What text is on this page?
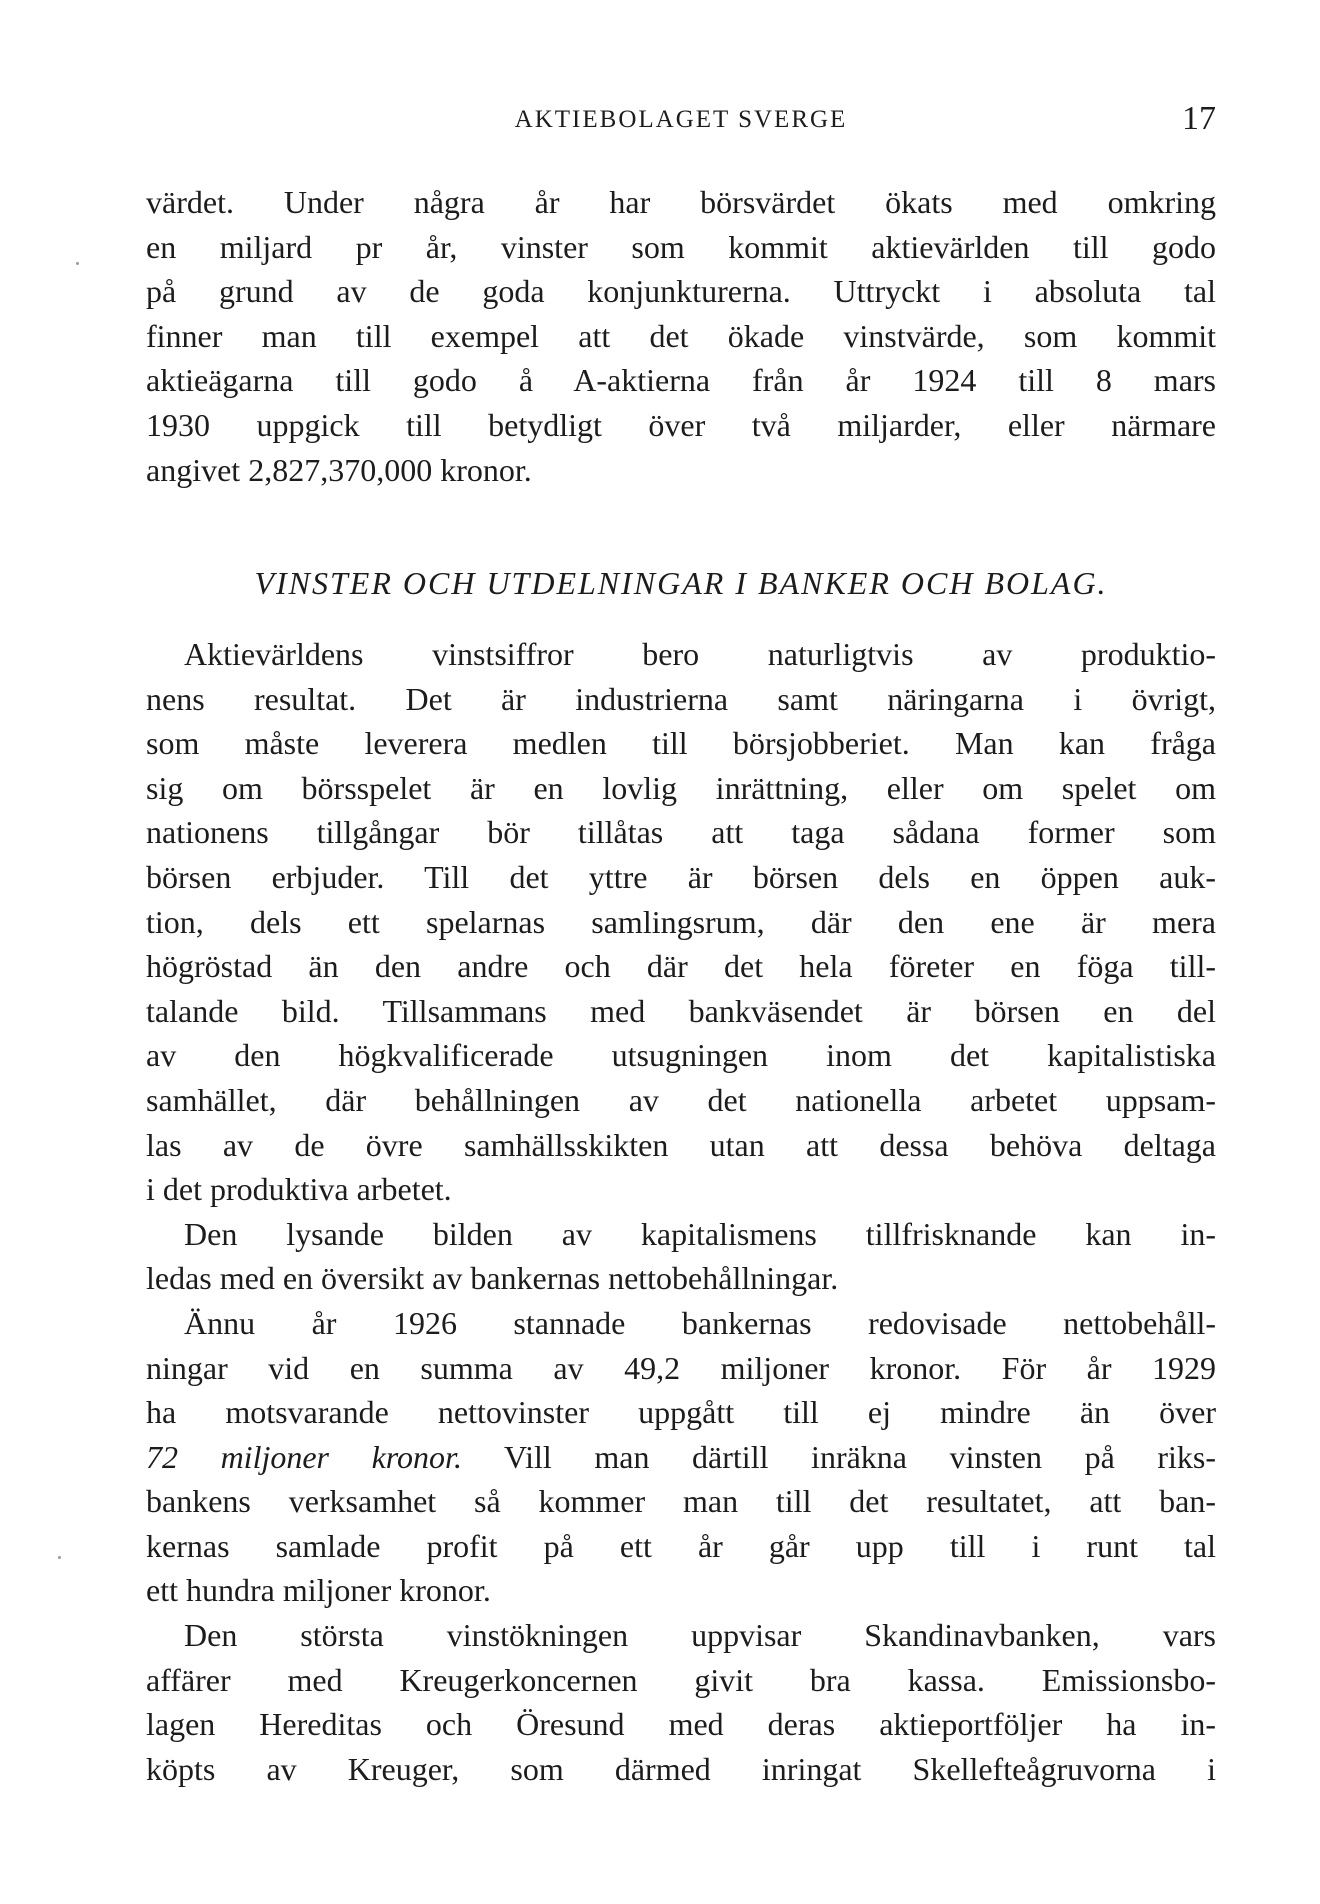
AKTIEBOLAGET SVERGE	17
värdet. Under några år har börsvärdet ökats med omkring
en miljard pr år, vinster som kommit aktievärlden till godo
på grund av de goda konjunkturerna. Uttryckt i absoluta tal
finner man till exempel att det ökade vinstvärde, som kommit
aktieägarna till godo å A-aktierna från år 1924 till 8 mars
1930 uppgick till betydligt över två miljarder, eller närmare
angivet 2,827,370,000 kronor.
VINSTER OCH UTDELNINGAR I BANKER OCH BOLAG.
Aktievärldens vinstsiffror bero naturligtvis av produktio-
nens resultat. Det är industrierna samt näringarna i övrigt,
som måste leverera medlen till börsjobberiet. Man kan fråga
sig om börsspelet är en lovlig inrättning, eller om spelet om
nationens tillgångar bör tillåtas att taga sådana former som
börsen erbjuder. Till det yttre är börsen dels en öppen auk-
tion, dels ett spelarnas samlingsrum, där den ene är mera
högröstad än den andre och där det hela företer en föga till-
talande bild. Tillsammans med bankväsendet är börsen en del
av den högkvalificerade utsugningen inom det kapitalistiska
samhället, där behållningen av det nationella arbetet uppsam-
las av de övre samhällsskikten utan att dessa behöva deltaga
i det produktiva arbetet.
Den lysande bilden av kapitalismens tillfrisknande kan in-
ledas med en översikt av bankernas nettobehållningar.
Ännu år 1926 stannade bankernas redovisade nettobehåll-
ningar vid en summa av 49,2 miljoner kronor. För år 1929
ha motsvarande nettovinster uppgått till ej mindre än över
72 miljoner kronor. Vill man därtill inräkna vinsten på riks-
bankens verksamhet så kommer man till det resultatet, att ban-
kernas samlade profit på ett år går upp till i runt tal
ett hundra miljoner kronor.
Den största vinstökningen uppvisar Skandinavbanken, vars
affärer med Kreugerkoncernen givit bra kassa. Emissionsbo-
lagen Hereditas och Öresund med deras aktieportföljer ha in-
köpts av Kreuger, som därmed inringat Skellefteågruvorna i
